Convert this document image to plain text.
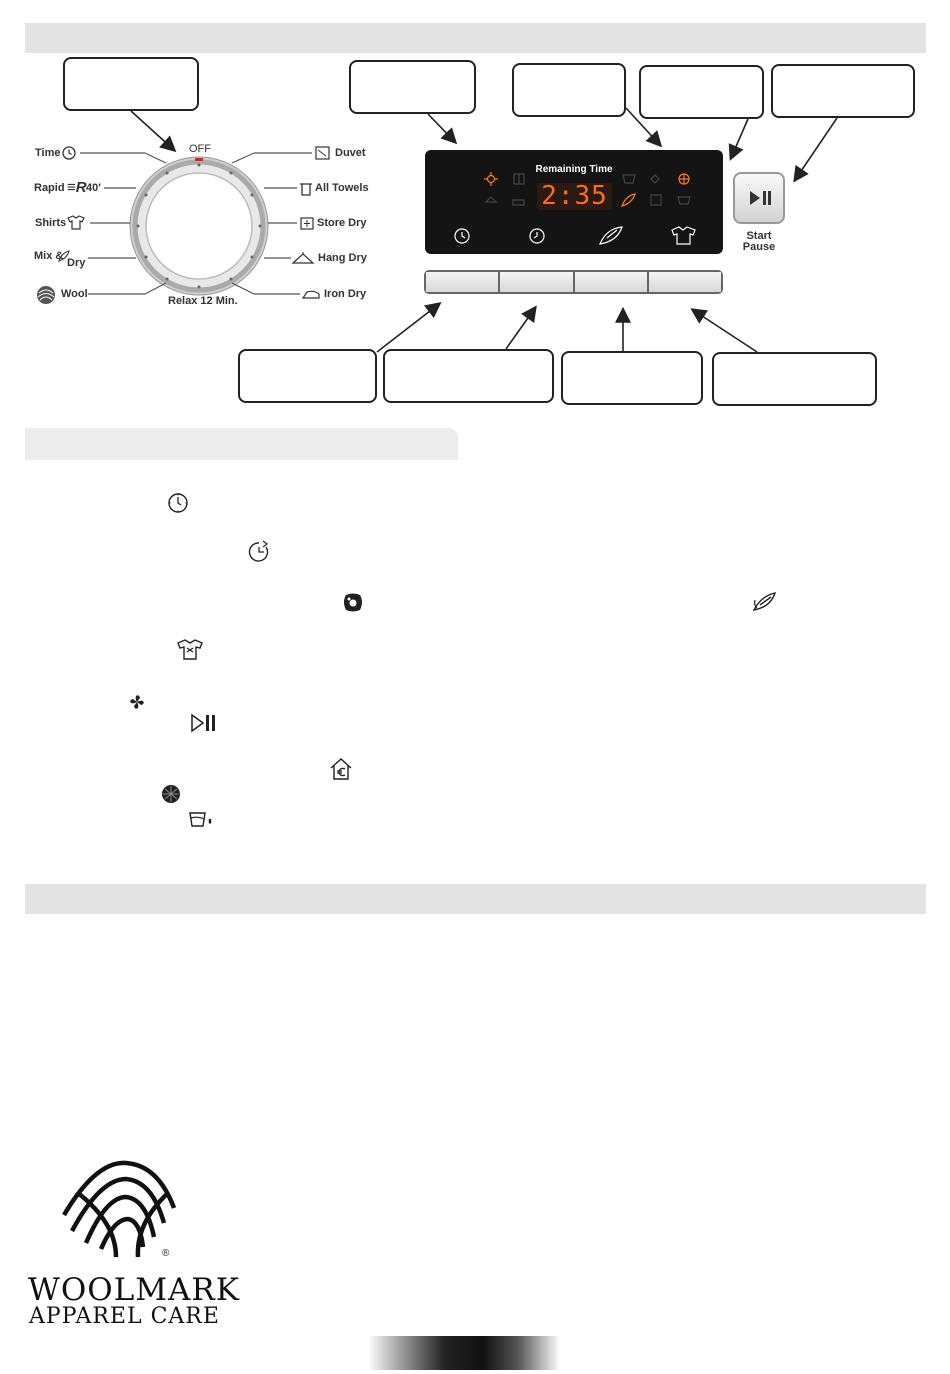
OFF
Relax 12 Min.
Time
Rapid ≡R 40'
Shirts
Mix &
Dry
Wool
Duvet
All Towels
Store Dry
Hang Dry
Iron Dry
Remaining Time
2:35
Start
Pause
®
WOOLMARK
APPAREL CARE
